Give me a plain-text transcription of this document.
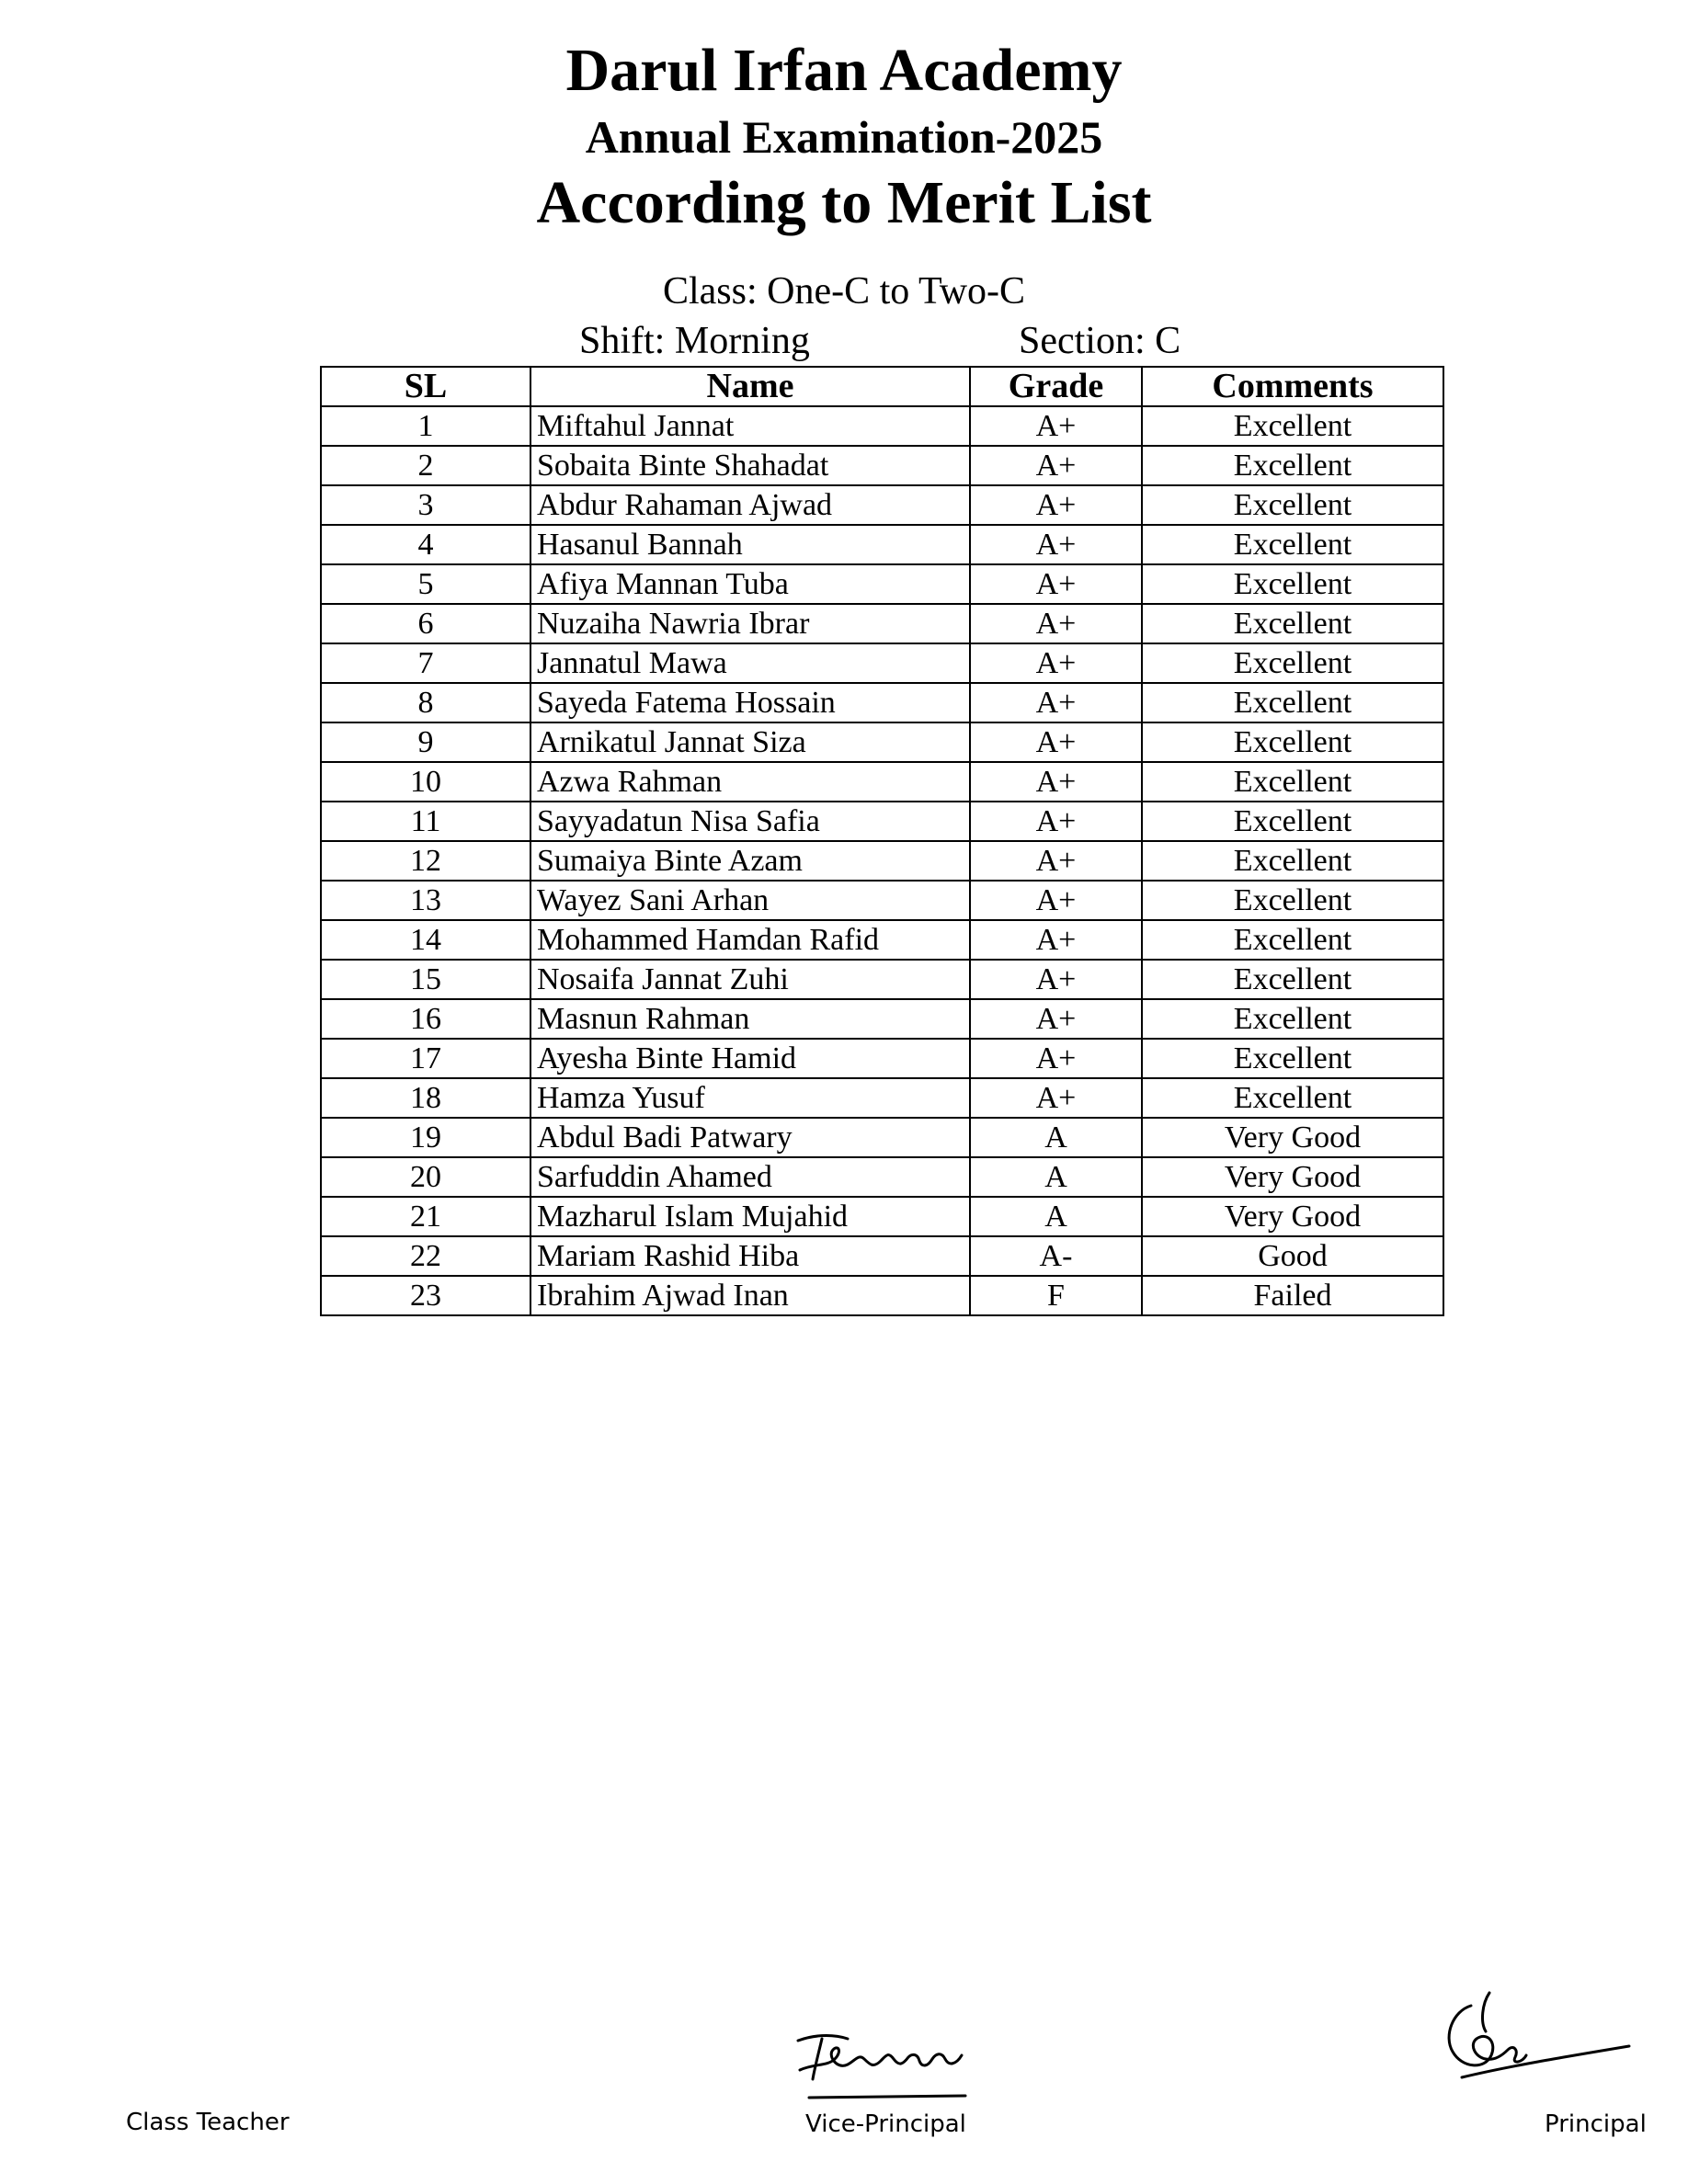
Darul Irfan Academy
Annual Examination-2025
According to Merit List
Class: One-C to Two-C
Shift: Morning	Section: C
SL	Name	Grade	Comments
1	Miftahul Jannat	A+	Excellent
2	Sobaita Binte Shahadat	A+	Excellent
3	Abdur Rahaman Ajwad	A+	Excellent
4	Hasanul Bannah	A+	Excellent
5	Afiya Mannan Tuba	A+	Excellent
6	Nuzaiha Nawria Ibrar	A+	Excellent
7	Jannatul Mawa	A+	Excellent
8	Sayeda Fatema Hossain	A+	Excellent
9	Arnikatul Jannat Siza	A+	Excellent
10	Azwa Rahman	A+	Excellent
11	Sayyadatun Nisa Safia	A+	Excellent
12	Sumaiya Binte Azam	A+	Excellent
13	Wayez Sani Arhan	A+	Excellent
14	Mohammed Hamdan Rafid	A+	Excellent
15	Nosaifa Jannat Zuhi	A+	Excellent
16	Masnun Rahman	A+	Excellent
17	Ayesha Binte Hamid	A+	Excellent
18	Hamza Yusuf	A+	Excellent
19	Abdul Badi Patwary	A	Very Good
20	Sarfuddin Ahamed	A	Very Good
21	Mazharul Islam Mujahid	A	Very Good
22	Mariam Rashid Hiba	A-	Good
23	Ibrahim Ajwad Inan	F	Failed
Class Teacher	Vice-Principal	Principal
